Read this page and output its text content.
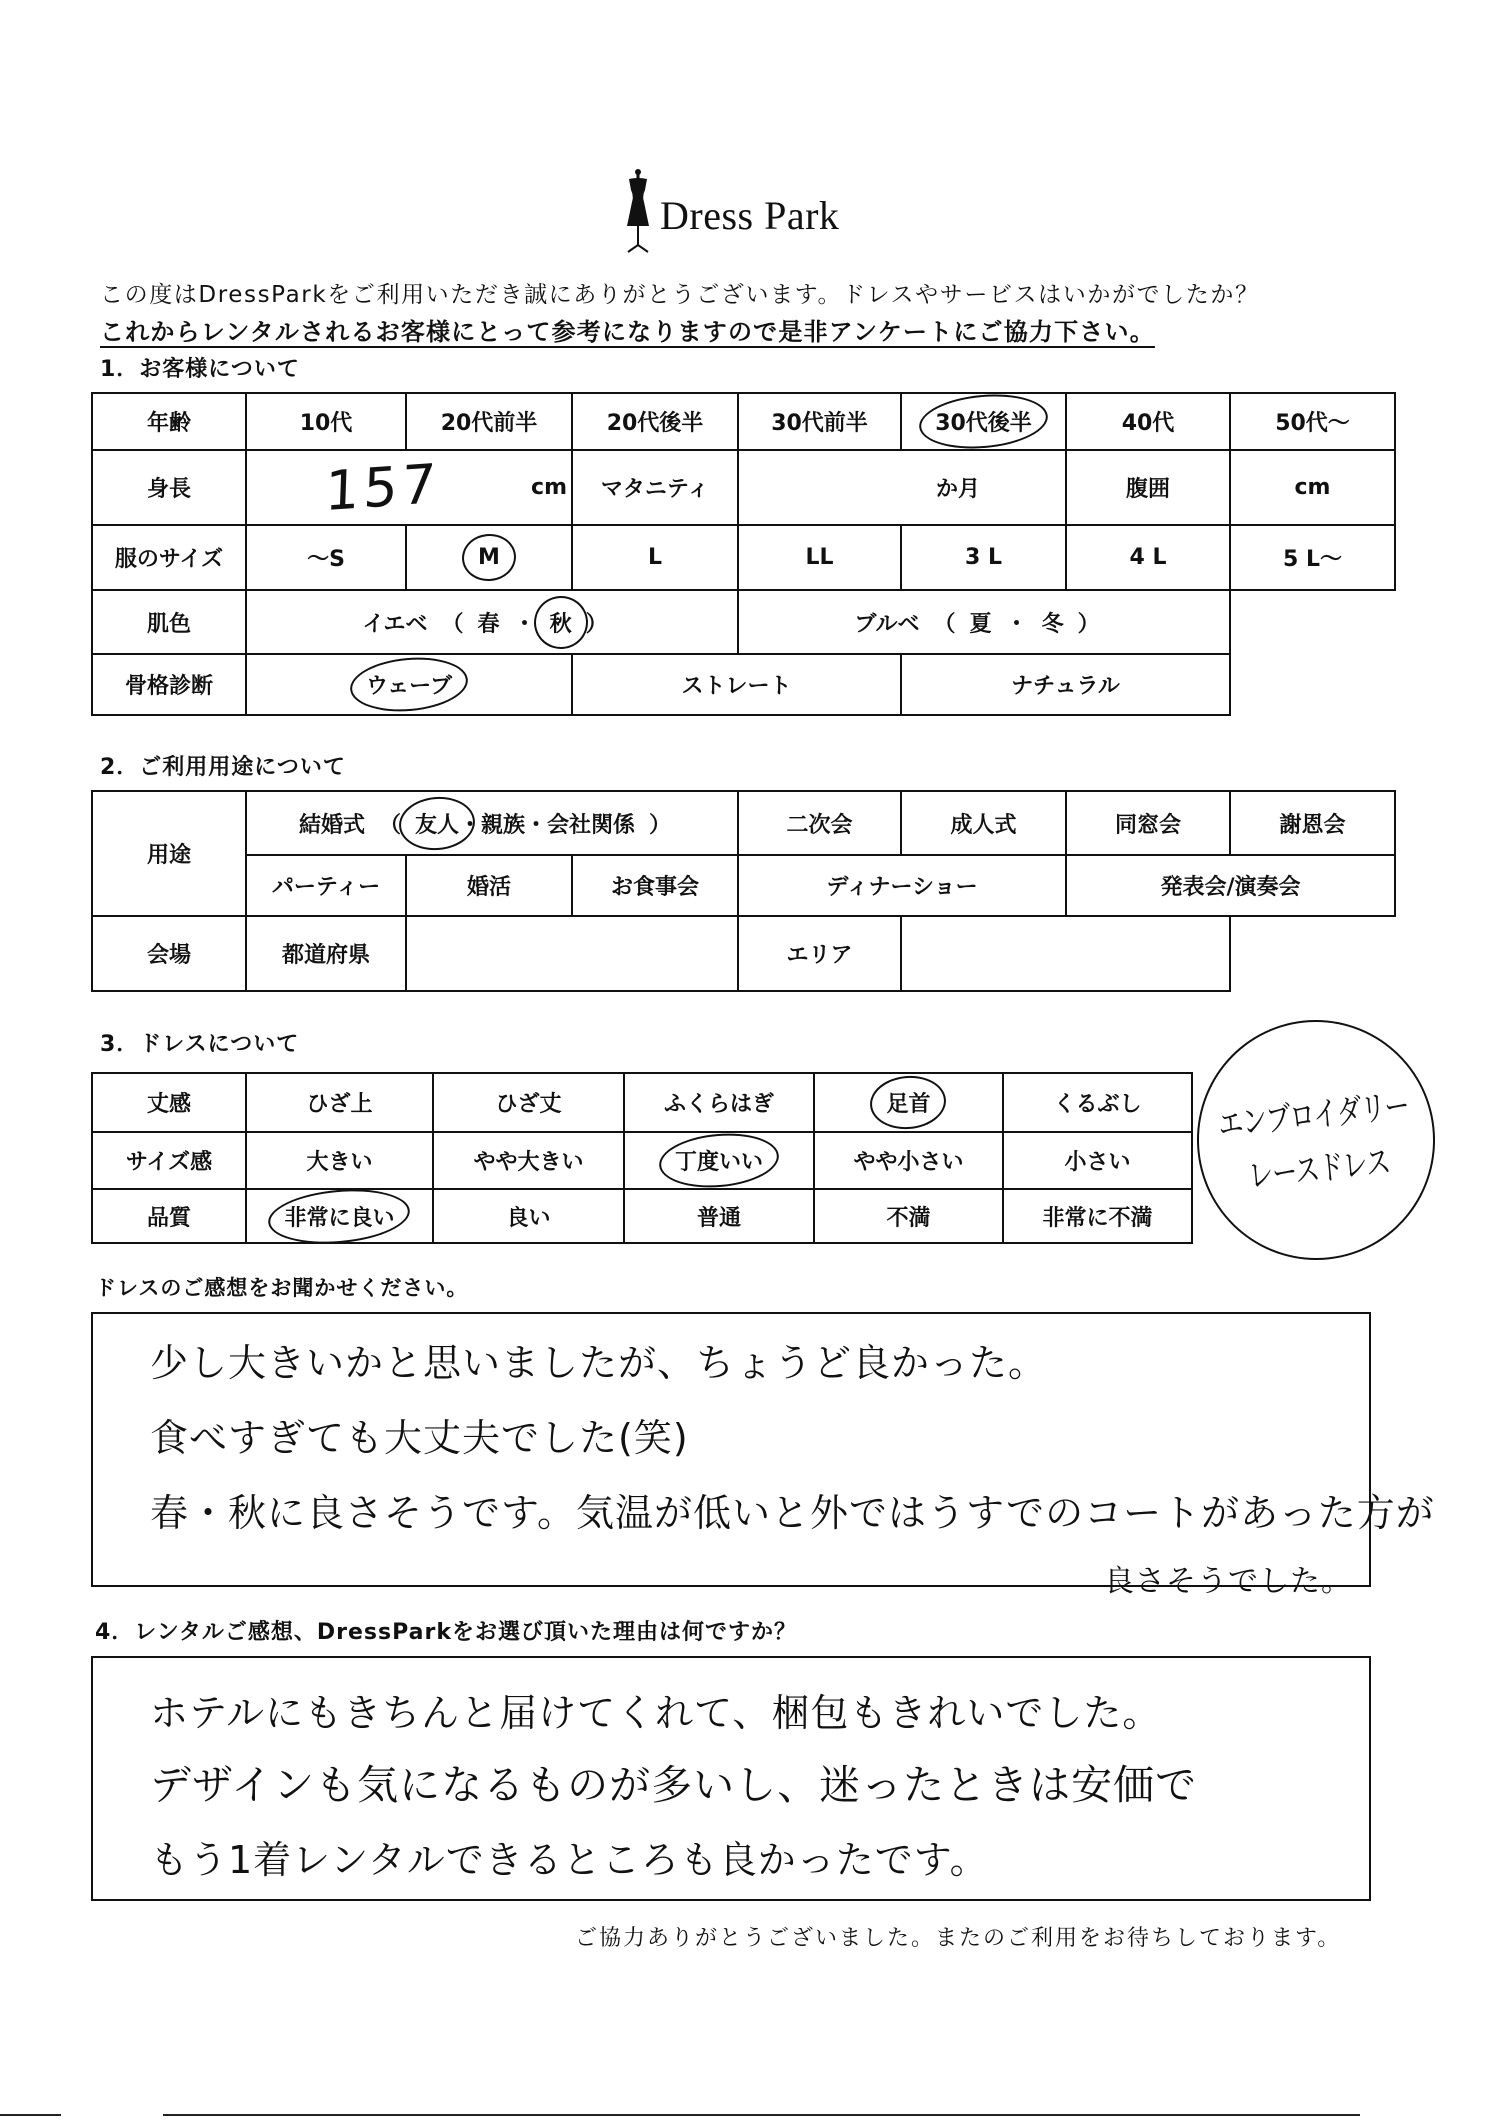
Dress Park
この度はDressParkをご利用いただき誠にありがとうございます。ドレスやサービスはいかがでしたか？
これからレンタルされるお客様にとって参考になりますので是非アンケートにご協力下さい。
1．お客様について
年齢	10代	20代前半	20代後半	30代前半	30代後半	40代	50代～
身長	157 cm		マタニティ	か月		腹囲	cm
服のサイズ	～S	M	L	LL	3 L	4 L	5 L～
肌色	イエベ （ 春 ・ 秋 ）			ブルベ （ 夏 ・ 冬 ）			
骨格診断	ウェーブ		ストレート		ナチュラル		
2．ご利用用途について
用途	結婚式 （ 友人・親族・会社関係 ）			二次会	成人式	同窓会	謝恩会
	パーティー	婚活	お食事会	ディナーショー		発表会/演奏会	
会場	都道府県			エリア			
3．ドレスについて
丈感	ひざ上	ひざ丈	ふくらはぎ	足首	くるぶし
サイズ感	大きい	やや大きい	丁度いい	やや小さい	小さい
品質	非常に良い	良い	普通	不満	非常に不満
エンブロイダリー
レースドレス
ドレスのご感想をお聞かせください。
少し大きいかと思いましたが、ちょうど良かった。
食べすぎても大丈夫でした(笑)
春・秋に良さそうです。気温が低いと外ではうすでのコートがあった方が
良さそうでした。
4．レンタルご感想、DressParkをお選び頂いた理由は何ですか？
ホテルにもきちんと届けてくれて、梱包もきれいでした。
デザインも気になるものが多いし、迷ったときは安価で
もう1着レンタルできるところも良かったです。
ご協力ありがとうございました。またのご利用をお待ちしております。
